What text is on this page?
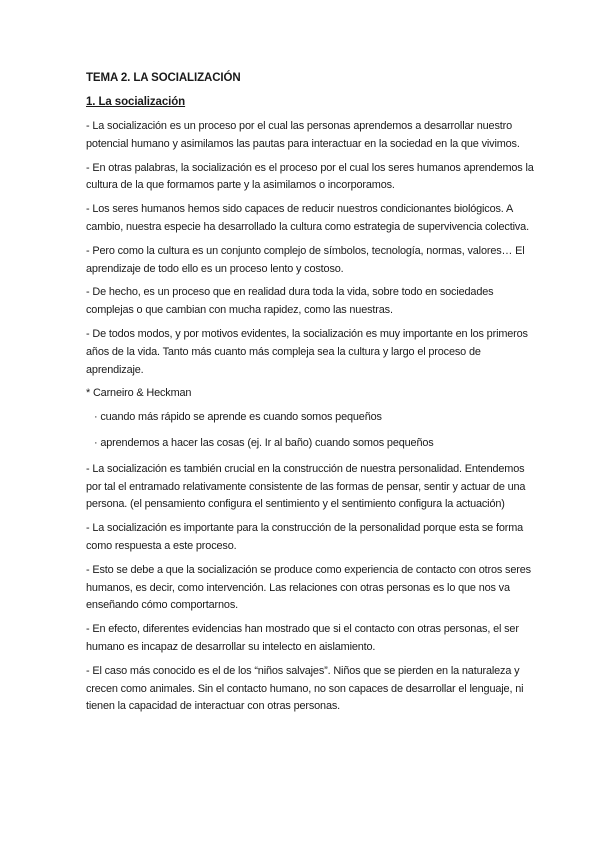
TEMA 2. LA SOCIALIZACIÓN
1. La socialización

- La socialización es un proceso por el cual las personas aprendemos a desarrollar nuestro potencial humano y asimilamos las pautas para interactuar en la sociedad en la que vivimos.

- En otras palabras, la socialización es el proceso por el cual los seres humanos aprendemos la cultura de la que formamos parte y la asimilamos o incorporamos.

- Los seres humanos hemos sido capaces de reducir nuestros condicionantes biológicos. A cambio, nuestra especie ha desarrollado la cultura como estrategia de supervivencia colectiva.

- Pero como la cultura es un conjunto complejo de símbolos, tecnología, normas, valores… El aprendizaje de todo ello es un proceso lento y costoso.

- De hecho, es un proceso que en realidad dura toda la vida, sobre todo en sociedades complejas o que cambian con mucha rapidez, como las nuestras.

- De todos modos, y por motivos evidentes, la socialización es muy importante en los primeros años de la vida. Tanto más cuanto más compleja sea la cultura y largo el proceso de aprendizaje.

* Carneiro & Heckman

· cuando más rápido se aprende es cuando somos pequeños

· aprendemos a hacer las cosas (ej. Ir al baño) cuando somos pequeños

- La socialización es también crucial en la construcción de nuestra personalidad. Entendemos por tal el entramado relativamente consistente de las formas de pensar, sentir y actuar de una persona. (el pensamiento configura el sentimiento y el sentimiento configura la actuación)

- La socialización es importante para la construcción de la personalidad porque esta se forma como respuesta a este proceso.

- Esto se debe a que la socialización se produce como experiencia de contacto con otros seres humanos, es decir, como intervención. Las relaciones con otras personas es lo que nos va enseñando cómo comportarnos.

- En efecto, diferentes evidencias han mostrado que si el contacto con otras personas, el ser humano es incapaz de desarrollar su intelecto en aislamiento.

- El caso más conocido es el de los “niños salvajes”. Niños que se pierden en la naturaleza y crecen como animales. Sin el contacto humano, no son capaces de desarrollar el lenguaje, ni tienen la capacidad de interactuar con otras personas.
